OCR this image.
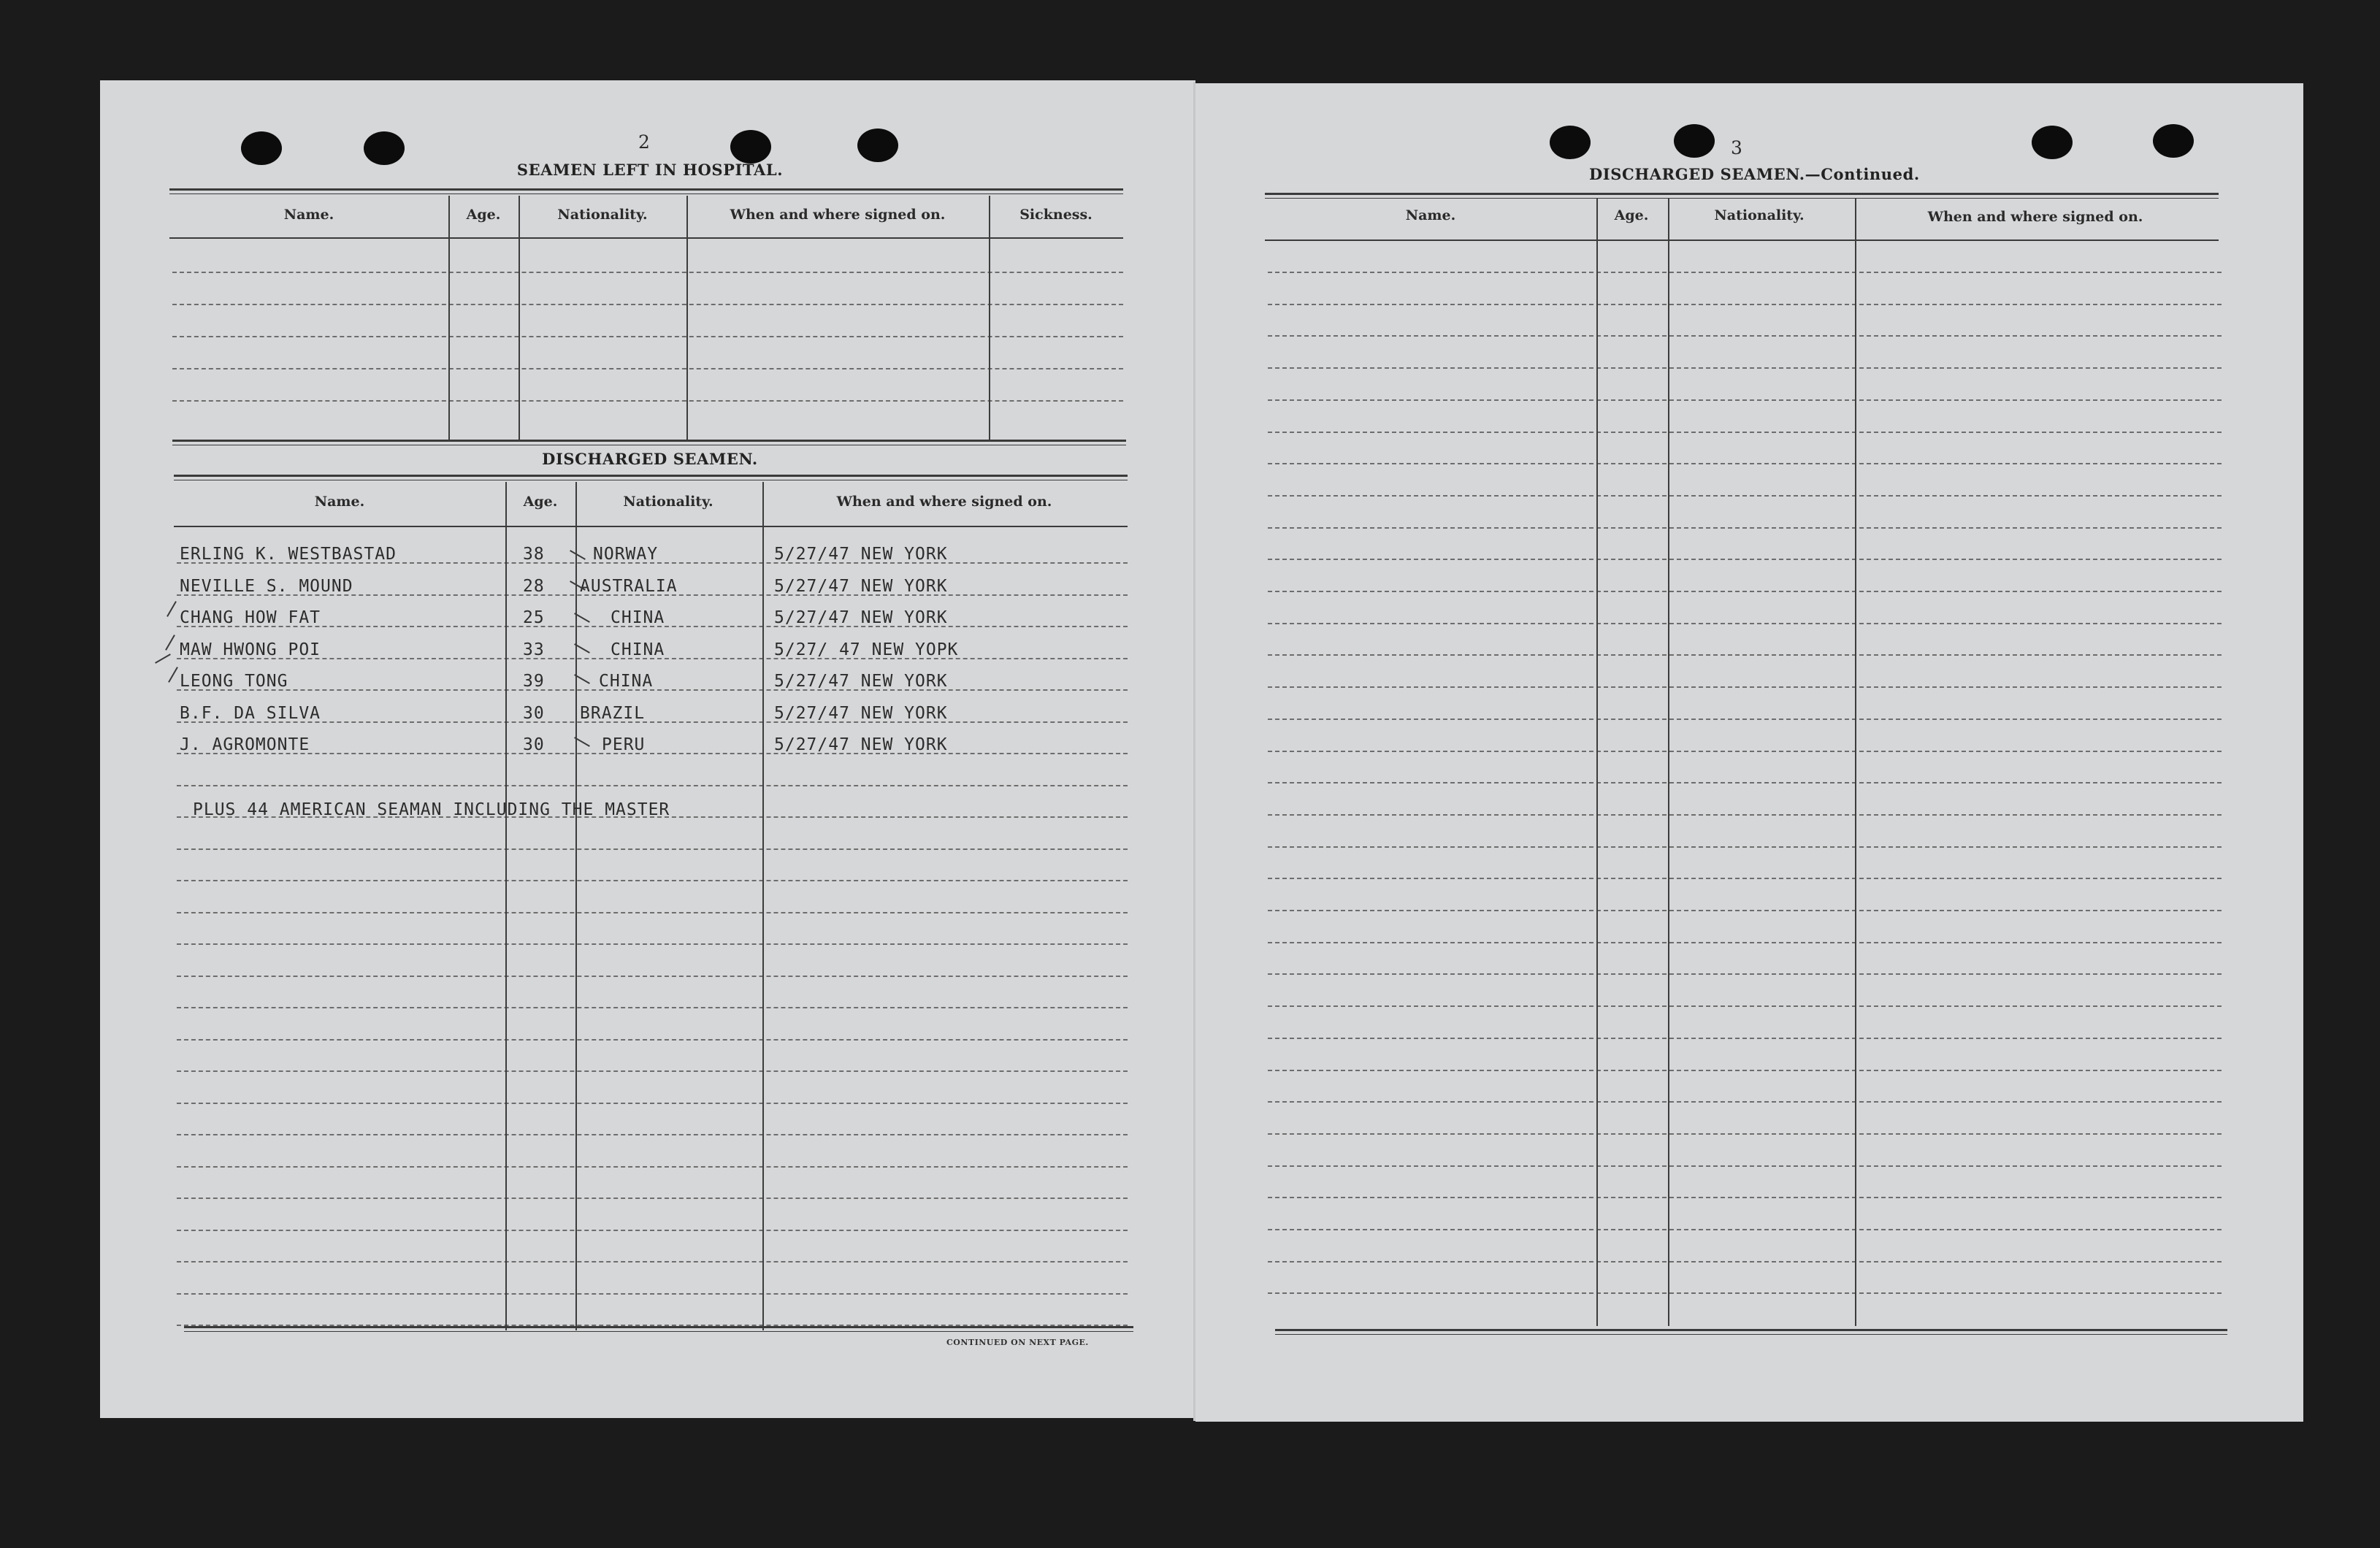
2
SEAMEN LEFT IN HOSPITAL.
Name.	Age.	Nationality.	When and where signed on.	Sickness.
DISCHARGED SEAMEN.
Name.	Age.	Nationality.	When and where signed on.
ERLING K. WESTBASTAD	38	NORWAY	5/27/47 NEW YORK
NEVILLE S. MOUND	28 AUSTRALIA	5/27/47 NEW YORK
CHANG HOW FAT	25	CHINA	5/27/47 NEW YORK
MAW HWONG POI	33	CHINA	5/27/ 47 NEW YOPK
LEONG TONG	39	CHINA	5/27/47 NEW YORK
B.F. DA SILVA	30 BRAZIL	5/27/47 NEW YORK
J. AGROMONTE	30	PERU	5/27/47 NEW YORK
PLUS 44 AMERICAN SEAMAN INCLUDING THE MASTER
CONTINUED ON NEXT PAGE.
3
DISCHARGED SEAMEN.—Continued.
Name.	Age.	Nationality.	When and where signed on.
